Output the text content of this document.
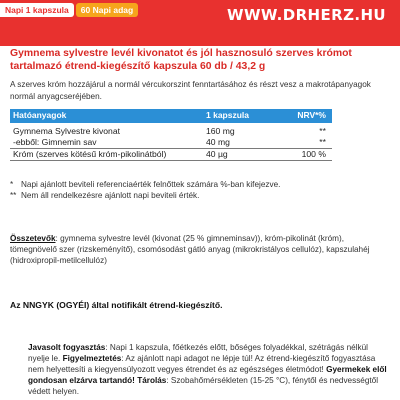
Napi 1 kapszula	60 Napi adag	WWW.DRHERZ.HU
Gymnema sylvestre levél kivonatot és jól hasznosuló szerves krómot tartalmazó étrend-kiegészítő kapszula 60 db / 43,2 g
A szerves króm hozzájárul a normál vércukorszint fenntartásához és részt vesz a makrotápanyagok normál anyagcseréjében.
Hatóanyagok	1 kapszula	NRV*%
Gymnema Sylvestre kivonat	160 mg	**
-ebből: Gimnemin sav	40 mg	**
Króm (szerves kötésű króm-pikolinátból)	40 µg	100 %
* Napi ajánlott beviteli referenciaérték felnőttek számára %-ban kifejezve.
** Nem áll rendelkezésre ajánlott napi beviteli érték.
Összetevők: gymnema sylvestre levél (kivonat (25 % gimneminsav)), króm-pikolinát (króm), tömegnövelő szer (rizskeményítő), csomósodást gátló anyag (mikrokristályos cellulóz), kapszulahéj (hidroxipropil-metilcellulóz)
Az NNGYK (OGYÉI) által notifikált étrend-kiegészítő.
Javasolt fogyasztás: Napi 1 kapszula, főétkezés előtt, bőséges folyadékkal, szétrágás nélkül nyelje le. Figyelmeztetés: Az ajánlott napi adagot ne lépje túl! Az étrend-kiegészítő fogyasztása nem helyettesíti a kiegyensúlyozott vegyes étrendet és az egészséges életmódot! Gyermekek elől gondosan elzárva tartandó! Tárolás: Szobahőmérsékleten (15-25 °C), fénytől és nedvességtől védett helyen.
